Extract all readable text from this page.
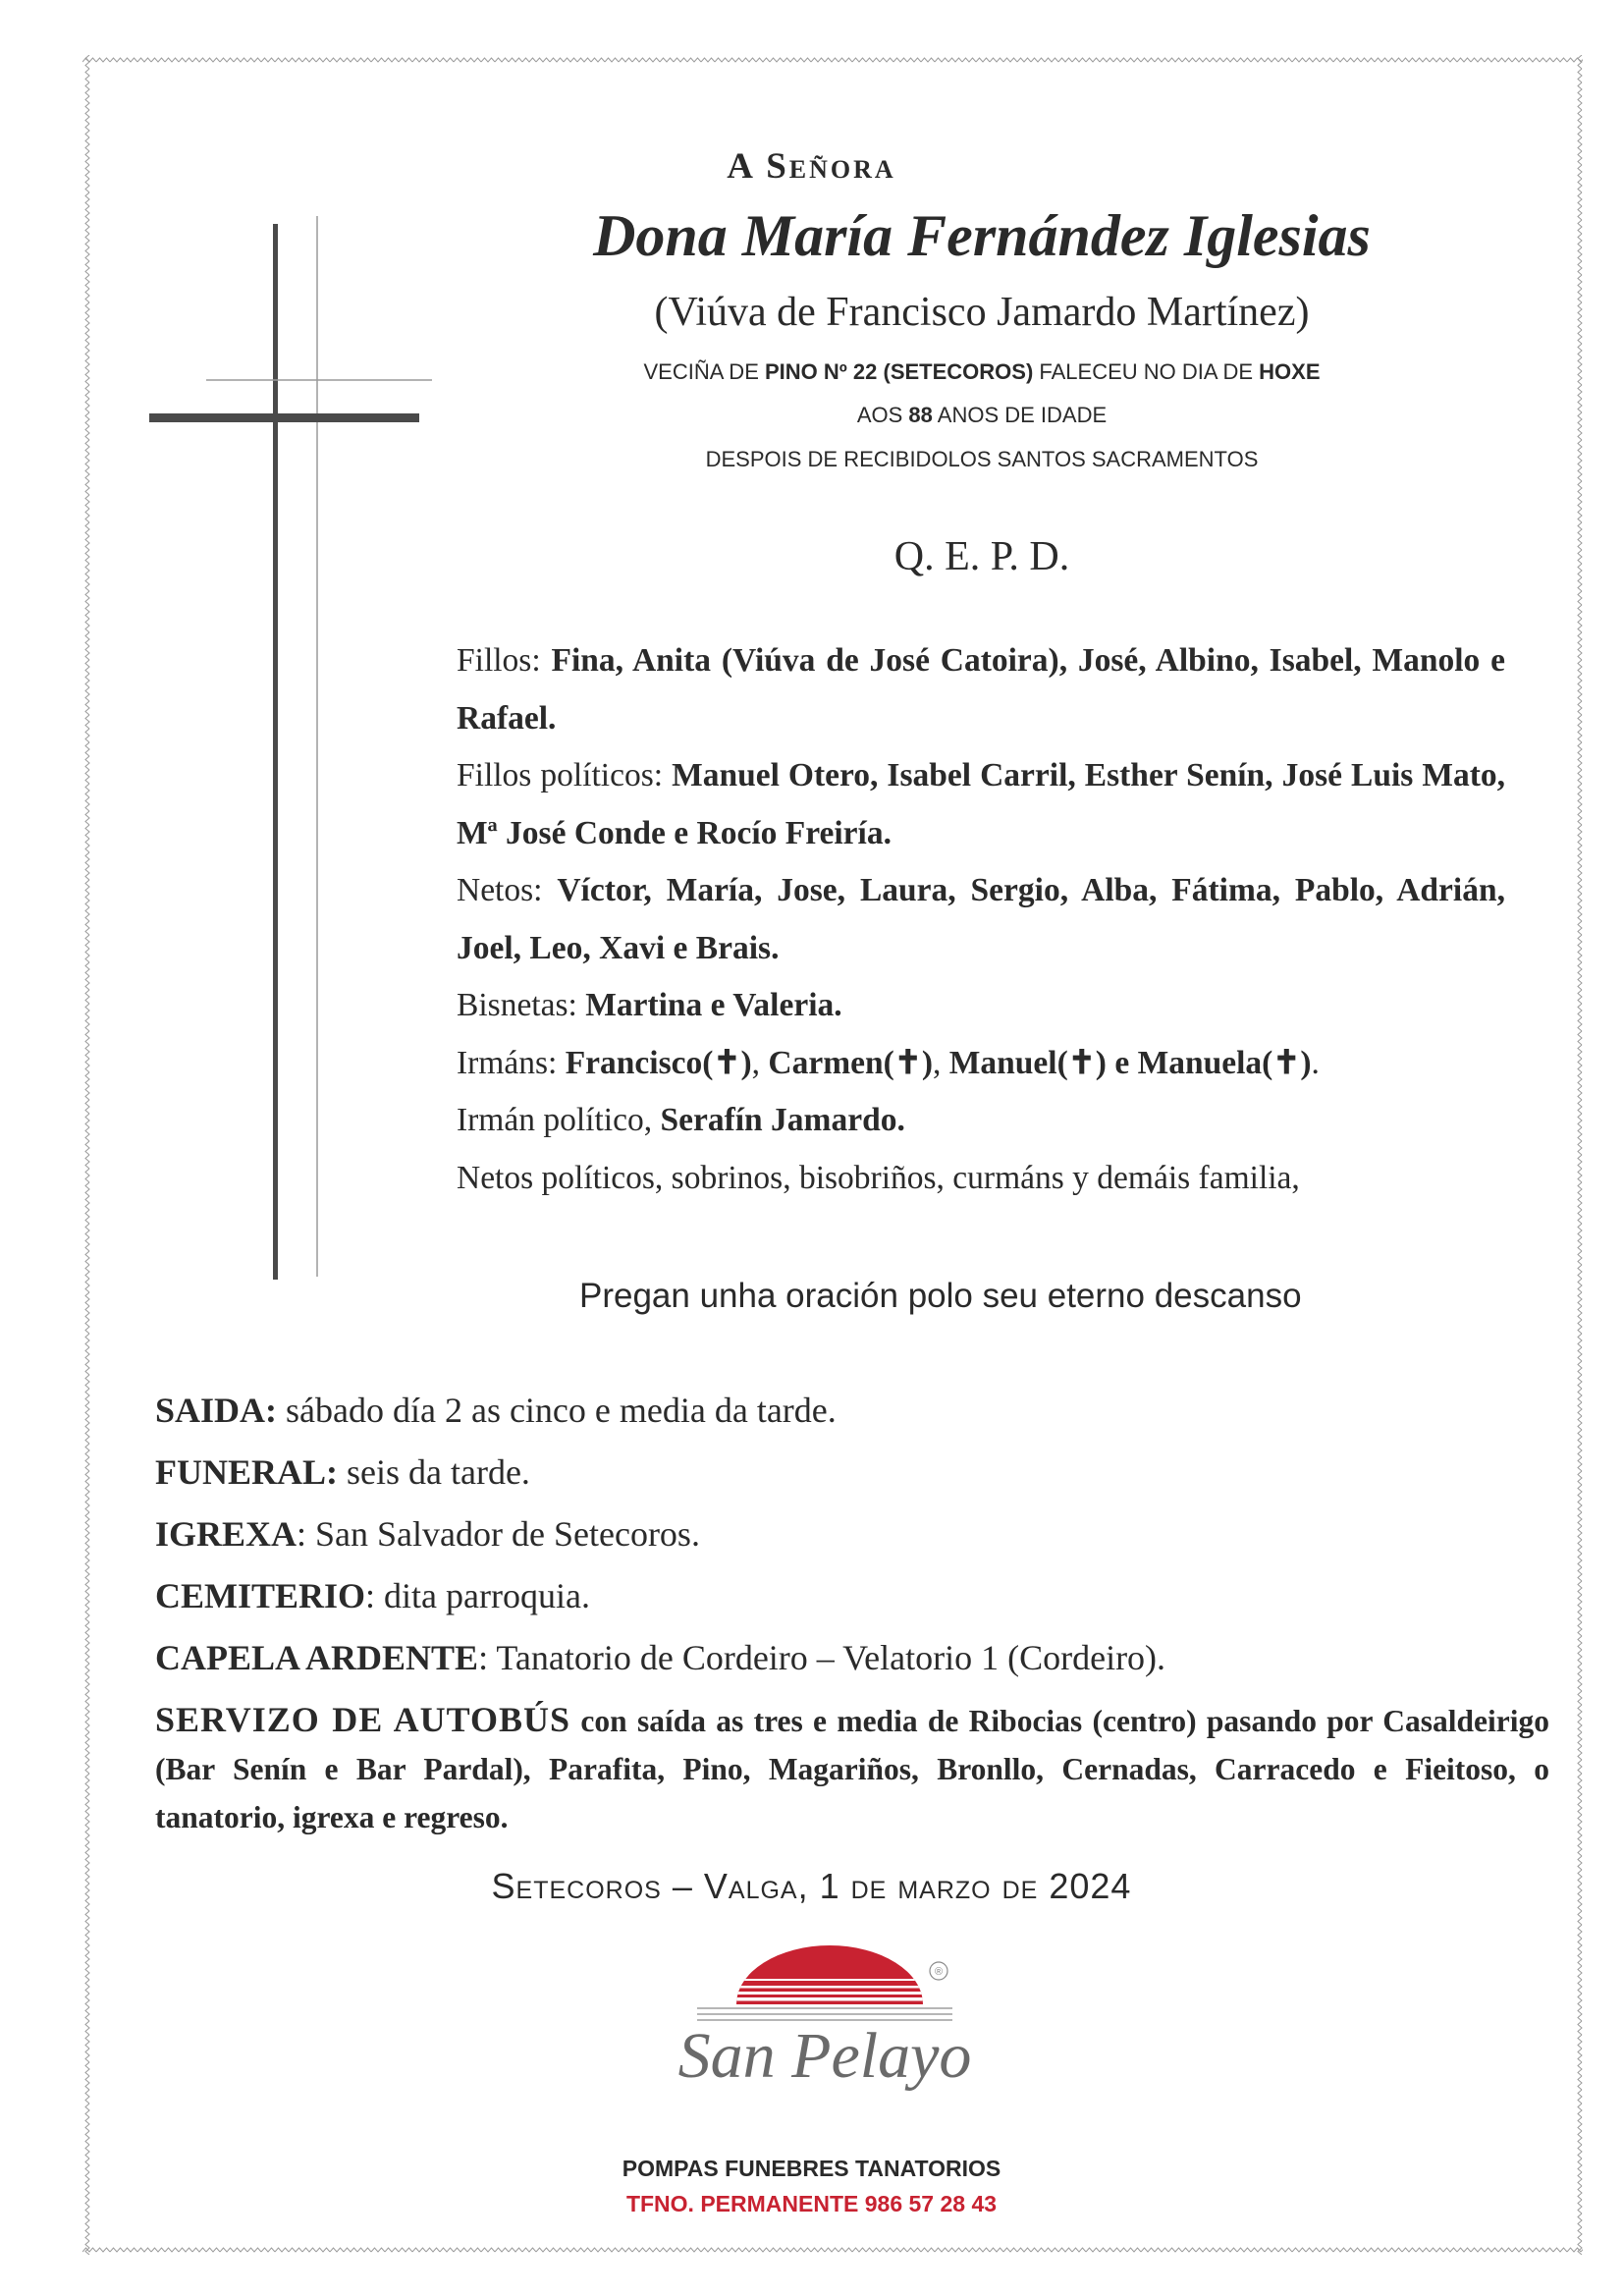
A Señora
Dona María Fernández Iglesias
(Viúva de Francisco Jamardo Martínez)
VECIÑA DE PINO Nº 22 (SETECOROS) FALECEU NO DIA DE HOXE
AOS 88 ANOS DE IDADE
DESPOIS DE RECIBIDOLOS SANTOS SACRAMENTOS
Q. E. P. D.
Fillos: Fina, Anita (Viúva de José Catoira), José, Albino, Isabel, Manolo e Rafael.
Fillos políticos: Manuel Otero, Isabel Carril, Esther Senín, José Luis Mato, Mª José Conde e Rocío Freiría.
Netos: Víctor, María, Jose, Laura, Sergio, Alba, Fátima, Pablo, Adrián, Joel, Leo, Xavi e Brais.
Bisnetas: Martina e Valeria.
Irmáns: Francisco(✝), Carmen(✝), Manuel(✝) e Manuela(✝).
Irmán político, Serafín Jamardo.
Netos políticos, sobrinos, bisobriños, curmáns y demáis familia,
Pregan unha oración polo seu eterno descanso
SAIDA: sábado día 2 as cinco e media da tarde.
FUNERAL: seis da tarde.
IGREXA: San Salvador de Setecoros.
CEMITERIO: dita parroquia.
CAPELA ARDENTE: Tanatorio de Cordeiro – Velatorio 1 (Cordeiro).
SERVIZO DE AUTOBÚS con saída as tres e media de Ribocias (centro) pasando por Casaldeirigo (Bar Senín e Bar Pardal), Parafita, Pino, Magariños, Bronllo, Cernadas, Carracedo e Fieitoso, o tanatorio, igrexa e regreso.
Setecoros – Valga, 1 de marzo de 2024
®
San Pelayo
POMPAS FUNEBRES TANATORIOS
TFNO. PERMANENTE 986 57 28 43
